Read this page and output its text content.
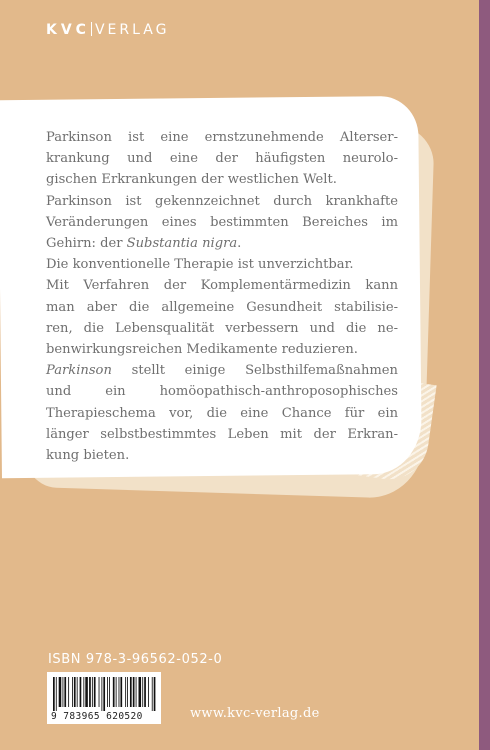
KVC VERLAG
Parkinson ist eine ernstzunehmende Alterser-
krankung und eine der häufigsten neurolo-
gischen Erkrankungen der westlichen Welt.
Parkinson ist gekennzeichnet durch krankhafte
Veränderungen eines bestimmten Bereiches im
Gehirn: der Substantia nigra.
Die konventionelle Therapie ist unverzichtbar.
Mit Verfahren der Komplementärmedizin kann
man aber die allgemeine Gesundheit stabilisie-
ren, die Lebensqualität verbessern und die ne-
benwirkungsreichen Medikamente reduzieren.
Parkinson stellt einige Selbsthilfemaßnahmen
und ein homöopathisch-anthroposophisches
Therapieschema vor, die eine Chance für ein
länger selbstbestimmtes Leben mit der Erkran-
kung bieten.
ISBN 978-3-96562-052-0
9 783965 620520	www.kvc-verlag.de
